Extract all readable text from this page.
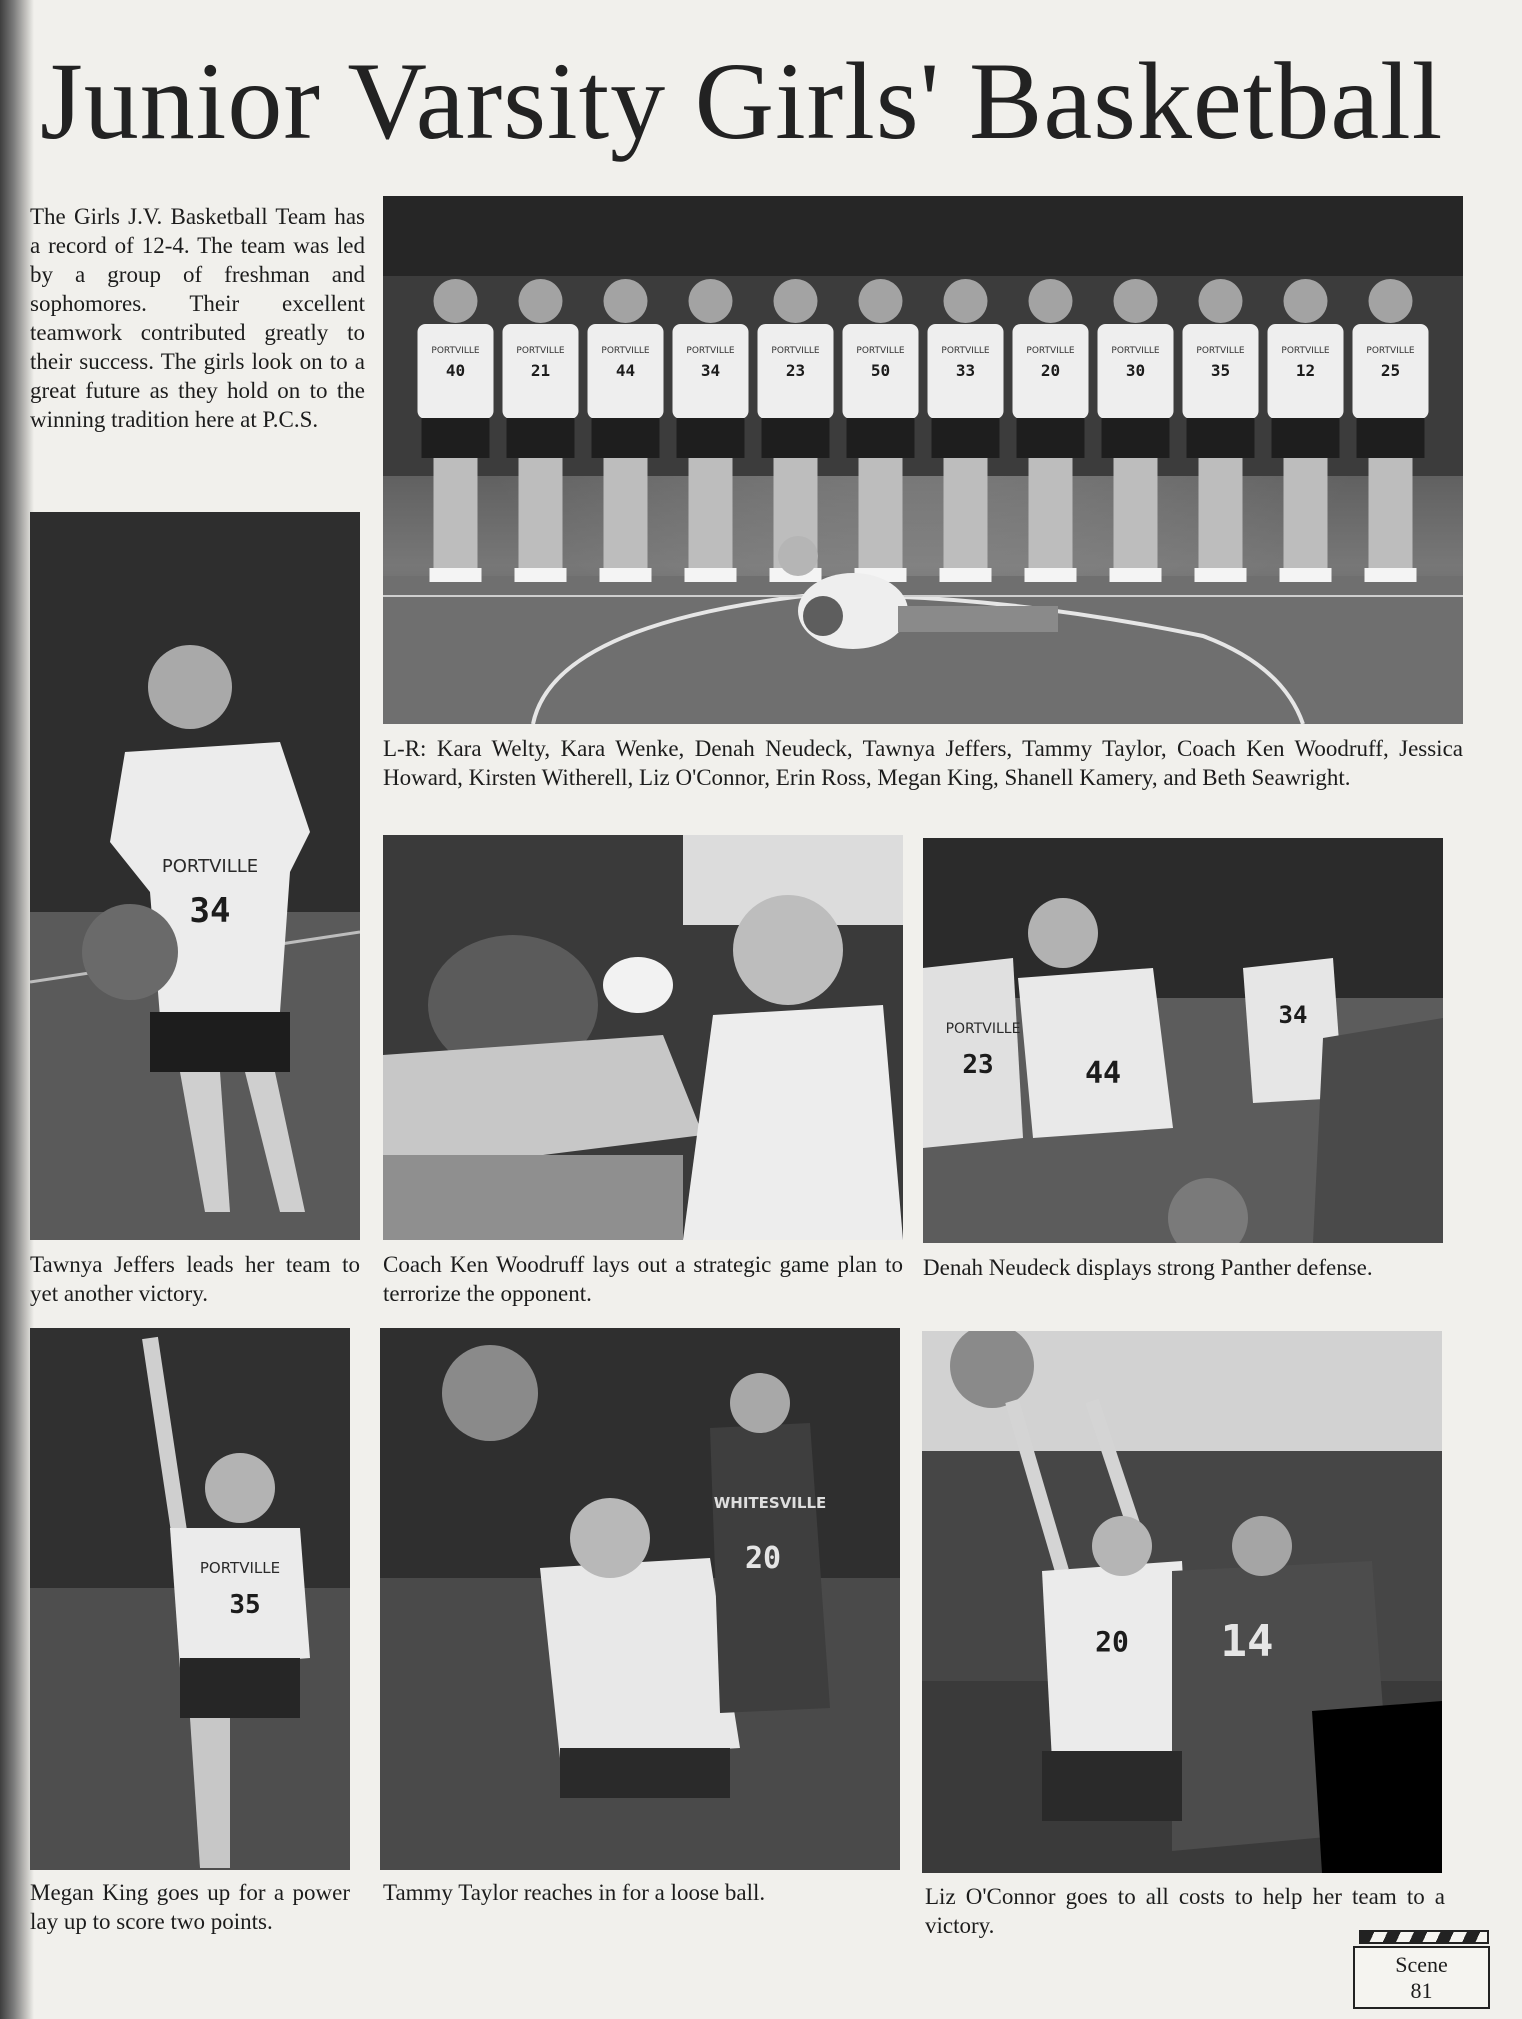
Junior Varsity Girls' Basketball

The Girls J.V. Basketball Team has a record of 12-4. The team was led by a group of freshman and sophomores. Their excellent teamwork contributed greatly to their success. The girls look on to a great future as they hold on to the winning tradition here at P.C.S.

PORTVILLE
40
PORTVILLE
21
PORTVILLE
44
PORTVILLE
34
PORTVILLE
23
PORTVILLE
50
PORTVILLE
33
PORTVILLE
20
PORTVILLE
30
PORTVILLE
35
PORTVILLE
12
PORTVILLE
25

L-R: Kara Welty, Kara Wenke, Denah Neudeck, Tawnya Jeffers, Tammy Taylor, Coach Ken Woodruff, Jessica Howard, Kirsten Witherell, Liz O'Connor, Erin Ross, Megan King, Shanell Kamery, and Beth Seawright.

34
PORTVILLE

Tawnya Jeffers leads her team to yet another victory.

Coach Ken Woodruff lays out a strategic game plan to terrorize the opponent.

23	44
34
PORTVILLE

Denah Neudeck displays strong Panther defense.

35
PORTVILLE

Megan King goes up for a power lay up to score two points.

20
WHITESVILLE

Tammy Taylor reaches in for a loose ball.

20 14

Liz O'Connor goes to all costs to help her team to a victory.

Scene
81
